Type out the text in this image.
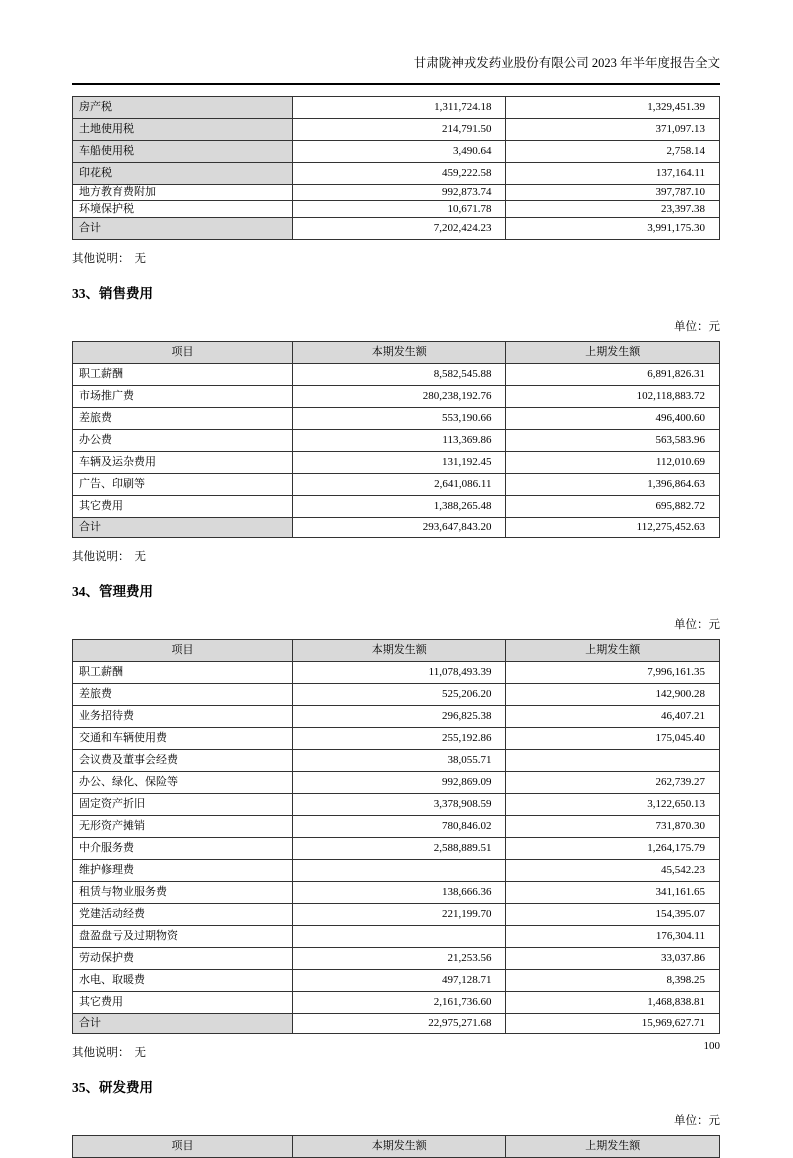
甘肃陇神戎发药业股份有限公司 2023 年半年度报告全文
房产税	1,311,724.18	1,329,451.39
土地使用税	214,791.50	371,097.13
车船使用税	3,490.64	2,758.14
印花税	459,222.58	137,164.11
地方教育费附加	992,873.74	397,787.10
环境保护税	10,671.78	23,397.38
合计	7,202,424.23	3,991,175.30

其他说明： 无

33、销售费用
单位：元
项目	本期发生额	上期发生额
职工薪酬	8,582,545.88	6,891,826.31
市场推广费	280,238,192.76	102,118,883.72
差旅费	553,190.66	496,400.60
办公费	113,369.86	563,583.96
车辆及运杂费用	131,192.45	112,010.69
广告、印刷等	2,641,086.11	1,396,864.63
其它费用	1,388,265.48	695,882.72
合计	293,647,843.20	112,275,452.63

其他说明： 无

34、管理费用
单位：元
项目	本期发生额	上期发生额
职工薪酬	11,078,493.39	7,996,161.35
差旅费	525,206.20	142,900.28
业务招待费	296,825.38	46,407.21
交通和车辆使用费	255,192.86	175,045.40
会议费及董事会经费	38,055.71	
办公、绿化、保险等	992,869.09	262,739.27
固定资产折旧	3,378,908.59	3,122,650.13
无形资产摊销	780,846.02	731,870.30
中介服务费	2,588,889.51	1,264,175.79
维护修理费		45,542.23
租赁与物业服务费	138,666.36	341,161.65
党建活动经费	221,199.70	154,395.07
盘盈盘亏及过期物资		176,304.11
劳动保护费	21,253.56	33,037.86
水电、取暖费	497,128.71	8,398.25
其它费用	2,161,736.60	1,468,838.81
合计	22,975,271.68	15,969,627.71

其他说明： 无

35、研发费用
单位：元
项目	本期发生额	上期发生额
100
